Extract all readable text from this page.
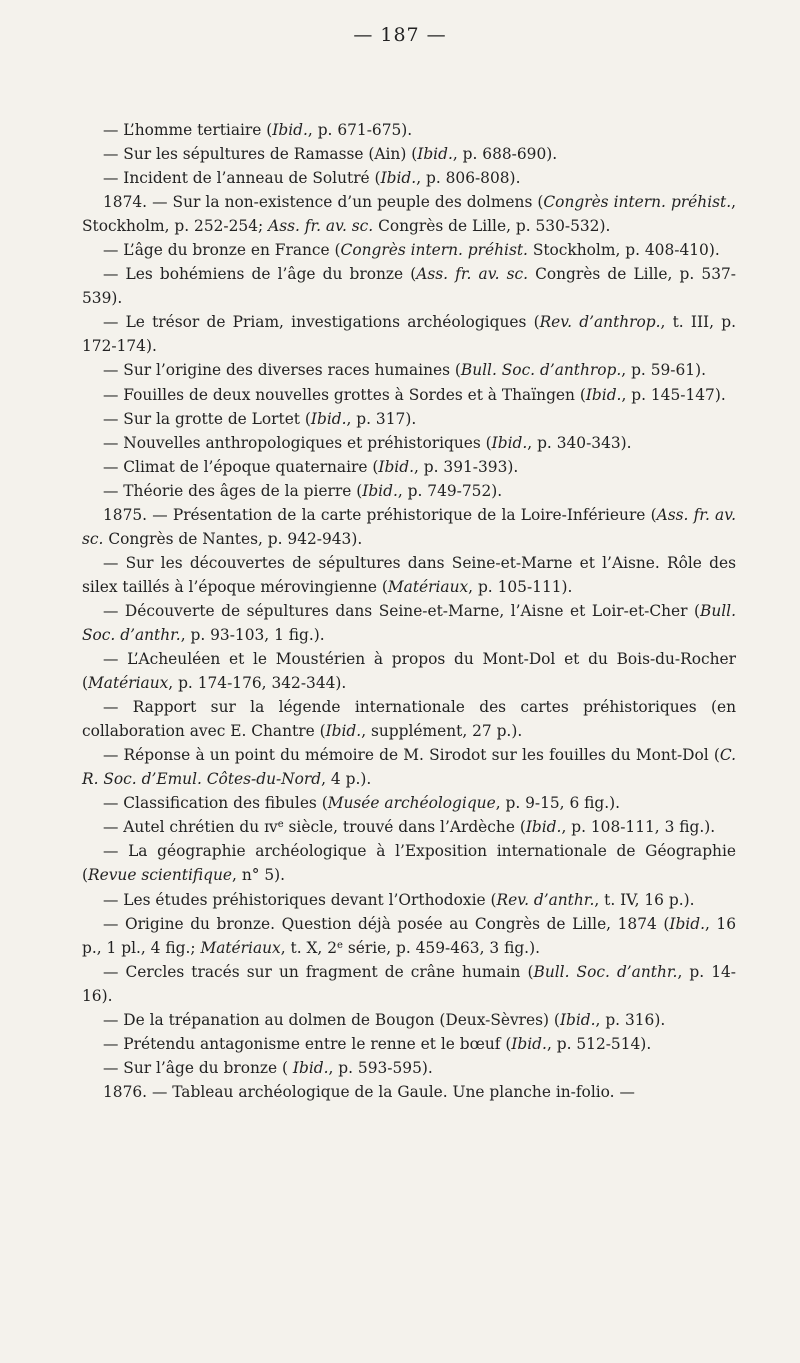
— 187 —

— L’homme tertiaire (Ibid., p. 671-675).

— Sur les sépultures de Ramasse (Ain) (Ibid., p. 688-690).

— Incident de l’anneau de Solutré (Ibid., p. 806-808).

1874. — Sur la non-existence d’un peuple des dolmens (Congrès intern. préhist., Stockholm, p. 252-254; Ass. fr. av. sc. Congrès de Lille, p. 530-532).

— L’âge du bronze en France (Congrès intern. préhist. Stockholm, p. 408-410).

— Les bohémiens de l’âge du bronze (Ass. fr. av. sc. Congrès de Lille, p. 537-539).

— Le trésor de Priam, investigations archéologiques (Rev. d’anthrop., t. III, p. 172-174).

— Sur l’origine des diverses races humaines (Bull. Soc. d’anthrop., p. 59-61).

— Fouilles de deux nouvelles grottes à Sordes et à Thaïngen (Ibid., p. 145-147).

— Sur la grotte de Lortet (Ibid., p. 317).

— Nouvelles anthropologiques et préhistoriques (Ibid., p. 340-343).

— Climat de l’époque quaternaire (Ibid., p. 391-393).

— Théorie des âges de la pierre (Ibid., p. 749-752).

1875. — Présentation de la carte préhistorique de la Loire-Inférieure (Ass. fr. av. sc. Congrès de Nantes, p. 942-943).

— Sur les découvertes de sépultures dans Seine-et-Marne et l’Aisne. Rôle des silex taillés à l’époque mérovingienne (Matériaux, p. 105-111).

— Découverte de sépultures dans Seine-et-Marne, l’Aisne et Loir-et-Cher (Bull. Soc. d’anthr., p. 93-103, 1 fig.).

— L’Acheuléen et le Moustérien à propos du Mont-Dol et du Bois-du-Rocher (Matériaux, p. 174-176, 342-344).

— Rapport sur la légende internationale des cartes préhistoriques (en collaboration avec E. Chantre (Ibid., supplément, 27 p.).

— Réponse à un point du mémoire de M. Sirodot sur les fouilles du Mont-Dol (C. R. Soc. d’Emul. Côtes-du-Nord, 4 p.).

— Classification des fibules (Musée archéologique, p. 9-15, 6 fig.).

— Autel chrétien du ɪᴠ$^e$ siècle, trouvé dans l’Ardèche (Ibid., p. 108-111, 3 fig.).

— La géographie archéologique à l’Exposition internationale de Géographie (Revue scientifique, n° 5).

— Les études préhistoriques devant l’Orthodoxie (Rev. d’anthr., t. IV, 16 p.).

— Origine du bronze. Question déjà posée au Congrès de Lille, 1874 (Ibid., 16 p., 1 pl., 4 fig.; Matériaux, t. X, 2e série, p. 459-463, 3 fig.).

— Cercles tracés sur un fragment de crâne humain (Bull. Soc. d’anthr., p. 14-16).

— De la trépanation au dolmen de Bougon (Deux-Sèvres) (Ibid., p. 316).

— Prétendu antagonisme entre le renne et le bœuf (Ibid., p. 512-514).

— Sur l’âge du bronze ( Ibid., p. 593-595).

1876. — Tableau archéologique de la Gaule. Une planche in-folio. —
